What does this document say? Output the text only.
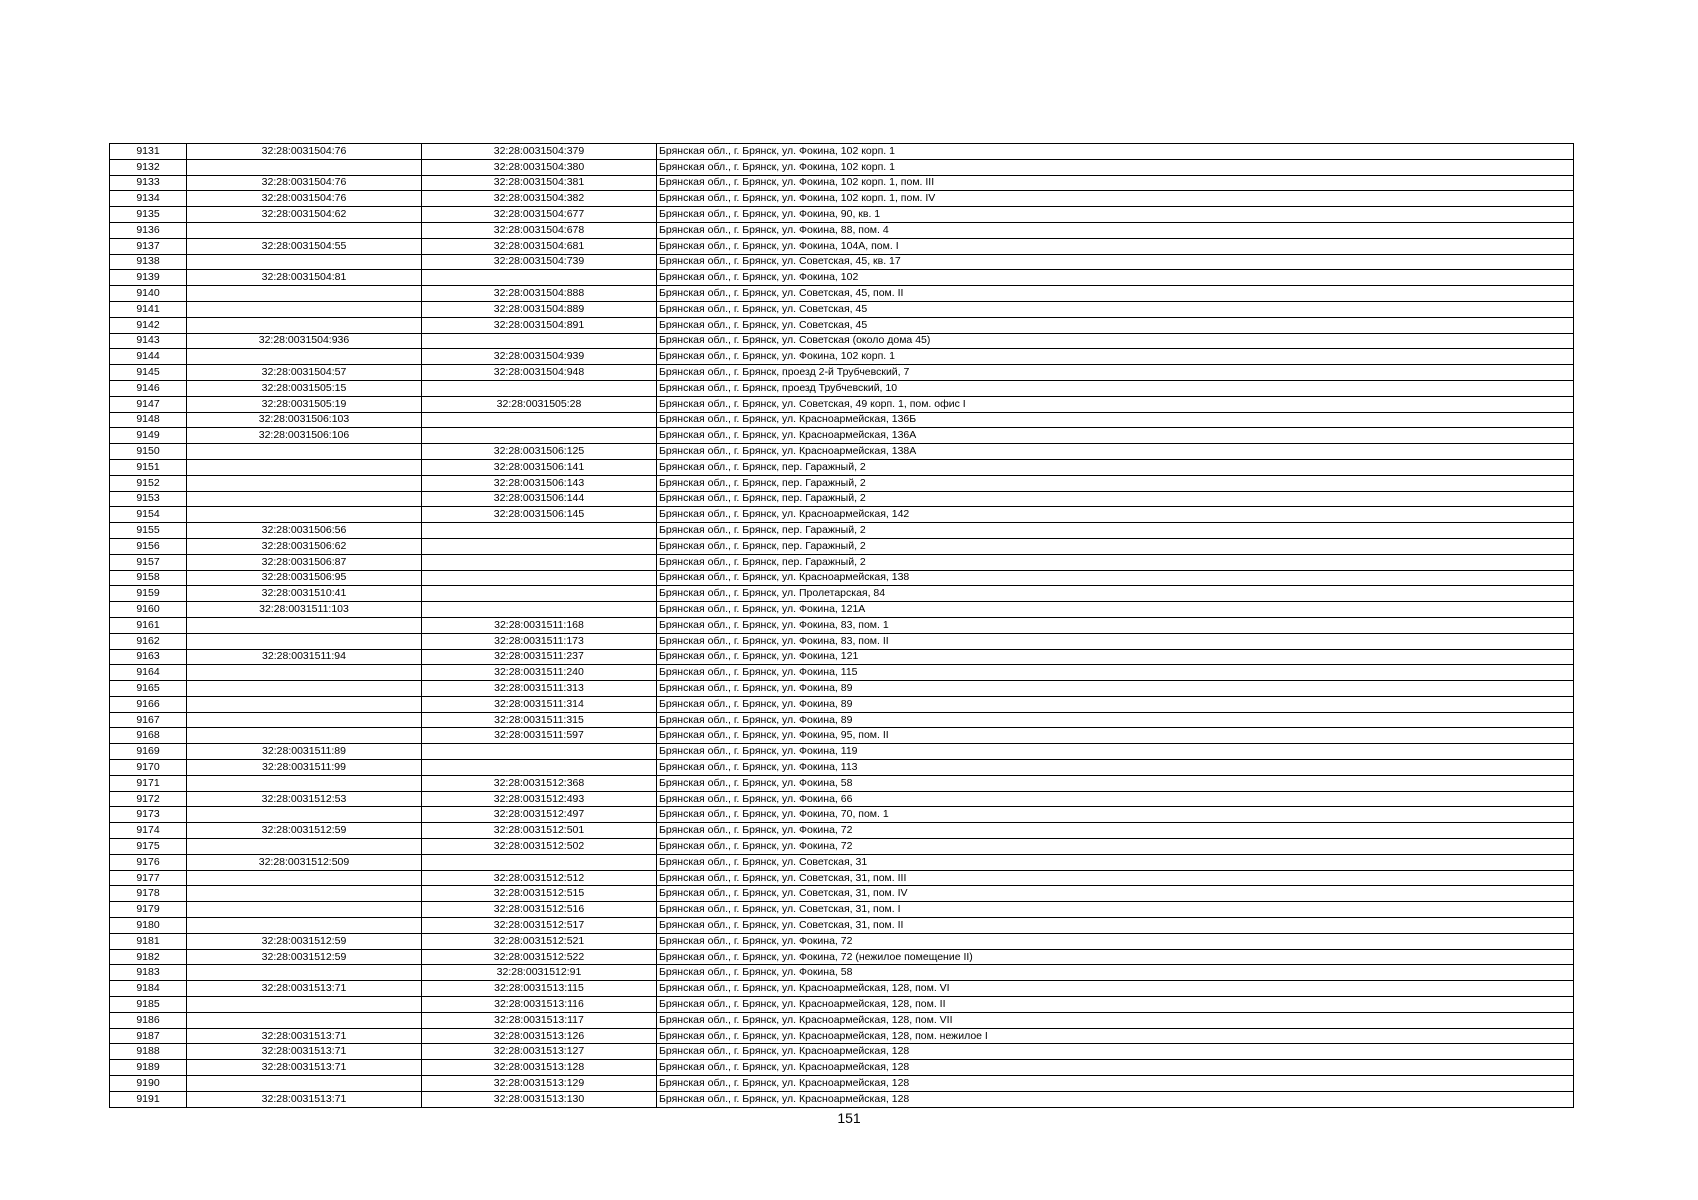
9131	32:28:0031504:76	32:28:0031504:379	Брянская обл., г. Брянск, ул. Фокина, 102 корп. 1
9132		32:28:0031504:380	Брянская обл., г. Брянск, ул. Фокина, 102 корп. 1
9133	32:28:0031504:76	32:28:0031504:381	Брянская обл., г. Брянск, ул. Фокина, 102 корп. 1, пом. III
9134	32:28:0031504:76	32:28:0031504:382	Брянская обл., г. Брянск, ул. Фокина, 102 корп. 1, пом. IV
9135	32:28:0031504:62	32:28:0031504:677	Брянская обл., г. Брянск, ул. Фокина, 90, кв. 1
9136		32:28:0031504:678	Брянская обл., г. Брянск, ул. Фокина, 88, пом. 4
9137	32:28:0031504:55	32:28:0031504:681	Брянская обл., г. Брянск, ул. Фокина, 104А, пом. I
9138		32:28:0031504:739	Брянская обл., г. Брянск, ул. Советская, 45, кв. 17
9139	32:28:0031504:81		Брянская обл., г. Брянск, ул. Фокина, 102
9140		32:28:0031504:888	Брянская обл., г. Брянск, ул. Советская, 45, пом. II
9141		32:28:0031504:889	Брянская обл., г. Брянск, ул. Советская, 45
9142		32:28:0031504:891	Брянская обл., г. Брянск, ул. Советская, 45
9143	32:28:0031504:936		Брянская обл., г. Брянск, ул. Советская (около дома 45)
9144		32:28:0031504:939	Брянская обл., г. Брянск, ул. Фокина, 102 корп. 1
9145	32:28:0031504:57	32:28:0031504:948	Брянская обл., г. Брянск, проезд 2-й Трубчевский, 7
9146	32:28:0031505:15		Брянская обл., г. Брянск, проезд Трубчевский, 10
9147	32:28:0031505:19	32:28:0031505:28	Брянская обл., г. Брянск, ул. Советская, 49 корп. 1, пом. офис I
9148	32:28:0031506:103		Брянская обл., г. Брянск, ул. Красноармейская, 136Б
9149	32:28:0031506:106		Брянская обл., г. Брянск, ул. Красноармейская, 136А
9150		32:28:0031506:125	Брянская обл., г. Брянск, ул. Красноармейская, 138А
9151		32:28:0031506:141	Брянская обл., г. Брянск, пер. Гаражный, 2
9152		32:28:0031506:143	Брянская обл., г. Брянск, пер. Гаражный, 2
9153		32:28:0031506:144	Брянская обл., г. Брянск, пер. Гаражный, 2
9154		32:28:0031506:145	Брянская обл., г. Брянск, ул. Красноармейская, 142
9155	32:28:0031506:56		Брянская обл., г. Брянск, пер. Гаражный, 2
9156	32:28:0031506:62		Брянская обл., г. Брянск, пер. Гаражный, 2
9157	32:28:0031506:87		Брянская обл., г. Брянск, пер. Гаражный, 2
9158	32:28:0031506:95		Брянская обл., г. Брянск, ул. Красноармейская, 138
9159	32:28:0031510:41		Брянская обл., г. Брянск, ул. Пролетарская, 84
9160	32:28:0031511:103		Брянская обл., г. Брянск, ул. Фокина, 121А
9161		32:28:0031511:168	Брянская обл., г. Брянск, ул. Фокина, 83, пом. 1
9162		32:28:0031511:173	Брянская обл., г. Брянск, ул. Фокина, 83, пом. II
9163	32:28:0031511:94	32:28:0031511:237	Брянская обл., г. Брянск, ул. Фокина, 121
9164		32:28:0031511:240	Брянская обл., г. Брянск, ул. Фокина, 115
9165		32:28:0031511:313	Брянская обл., г. Брянск, ул. Фокина, 89
9166		32:28:0031511:314	Брянская обл., г. Брянск, ул. Фокина, 89
9167		32:28:0031511:315	Брянская обл., г. Брянск, ул. Фокина, 89
9168		32:28:0031511:597	Брянская обл., г. Брянск, ул. Фокина, 95, пом. II
9169	32:28:0031511:89		Брянская обл., г. Брянск, ул. Фокина, 119
9170	32:28:0031511:99		Брянская обл., г. Брянск, ул. Фокина, 113
9171		32:28:0031512:368	Брянская обл., г. Брянск, ул. Фокина, 58
9172	32:28:0031512:53	32:28:0031512:493	Брянская обл., г. Брянск, ул. Фокина, 66
9173		32:28:0031512:497	Брянская обл., г. Брянск, ул. Фокина, 70, пом. 1
9174	32:28:0031512:59	32:28:0031512:501	Брянская обл., г. Брянск, ул. Фокина, 72
9175		32:28:0031512:502	Брянская обл., г. Брянск, ул. Фокина, 72
9176	32:28:0031512:509		Брянская обл., г. Брянск, ул. Советская, 31
9177		32:28:0031512:512	Брянская обл., г. Брянск, ул. Советская, 31, пом. III
9178		32:28:0031512:515	Брянская обл., г. Брянск, ул. Советская, 31, пом. IV
9179		32:28:0031512:516	Брянская обл., г. Брянск, ул. Советская, 31, пом. I
9180		32:28:0031512:517	Брянская обл., г. Брянск, ул. Советская, 31, пом. II
9181	32:28:0031512:59	32:28:0031512:521	Брянская обл., г. Брянск, ул. Фокина, 72
9182	32:28:0031512:59	32:28:0031512:522	Брянская обл., г. Брянск, ул. Фокина, 72 (нежилое помещение II)
9183		32:28:0031512:91	Брянская обл., г. Брянск, ул. Фокина, 58
9184	32:28:0031513:71	32:28:0031513:115	Брянская обл., г. Брянск, ул. Красноармейская, 128, пом. VI
9185		32:28:0031513:116	Брянская обл., г. Брянск, ул. Красноармейская, 128, пом. II
9186		32:28:0031513:117	Брянская обл., г. Брянск, ул. Красноармейская, 128, пом. VII
9187	32:28:0031513:71	32:28:0031513:126	Брянская обл., г. Брянск, ул. Красноармейская, 128, пом. нежилое I
9188	32:28:0031513:71	32:28:0031513:127	Брянская обл., г. Брянск, ул. Красноармейская, 128
9189	32:28:0031513:71	32:28:0031513:128	Брянская обл., г. Брянск, ул. Красноармейская, 128
9190		32:28:0031513:129	Брянская обл., г. Брянск, ул. Красноармейская, 128
9191	32:28:0031513:71	32:28:0031513:130	Брянская обл., г. Брянск, ул. Красноармейская, 128
151
